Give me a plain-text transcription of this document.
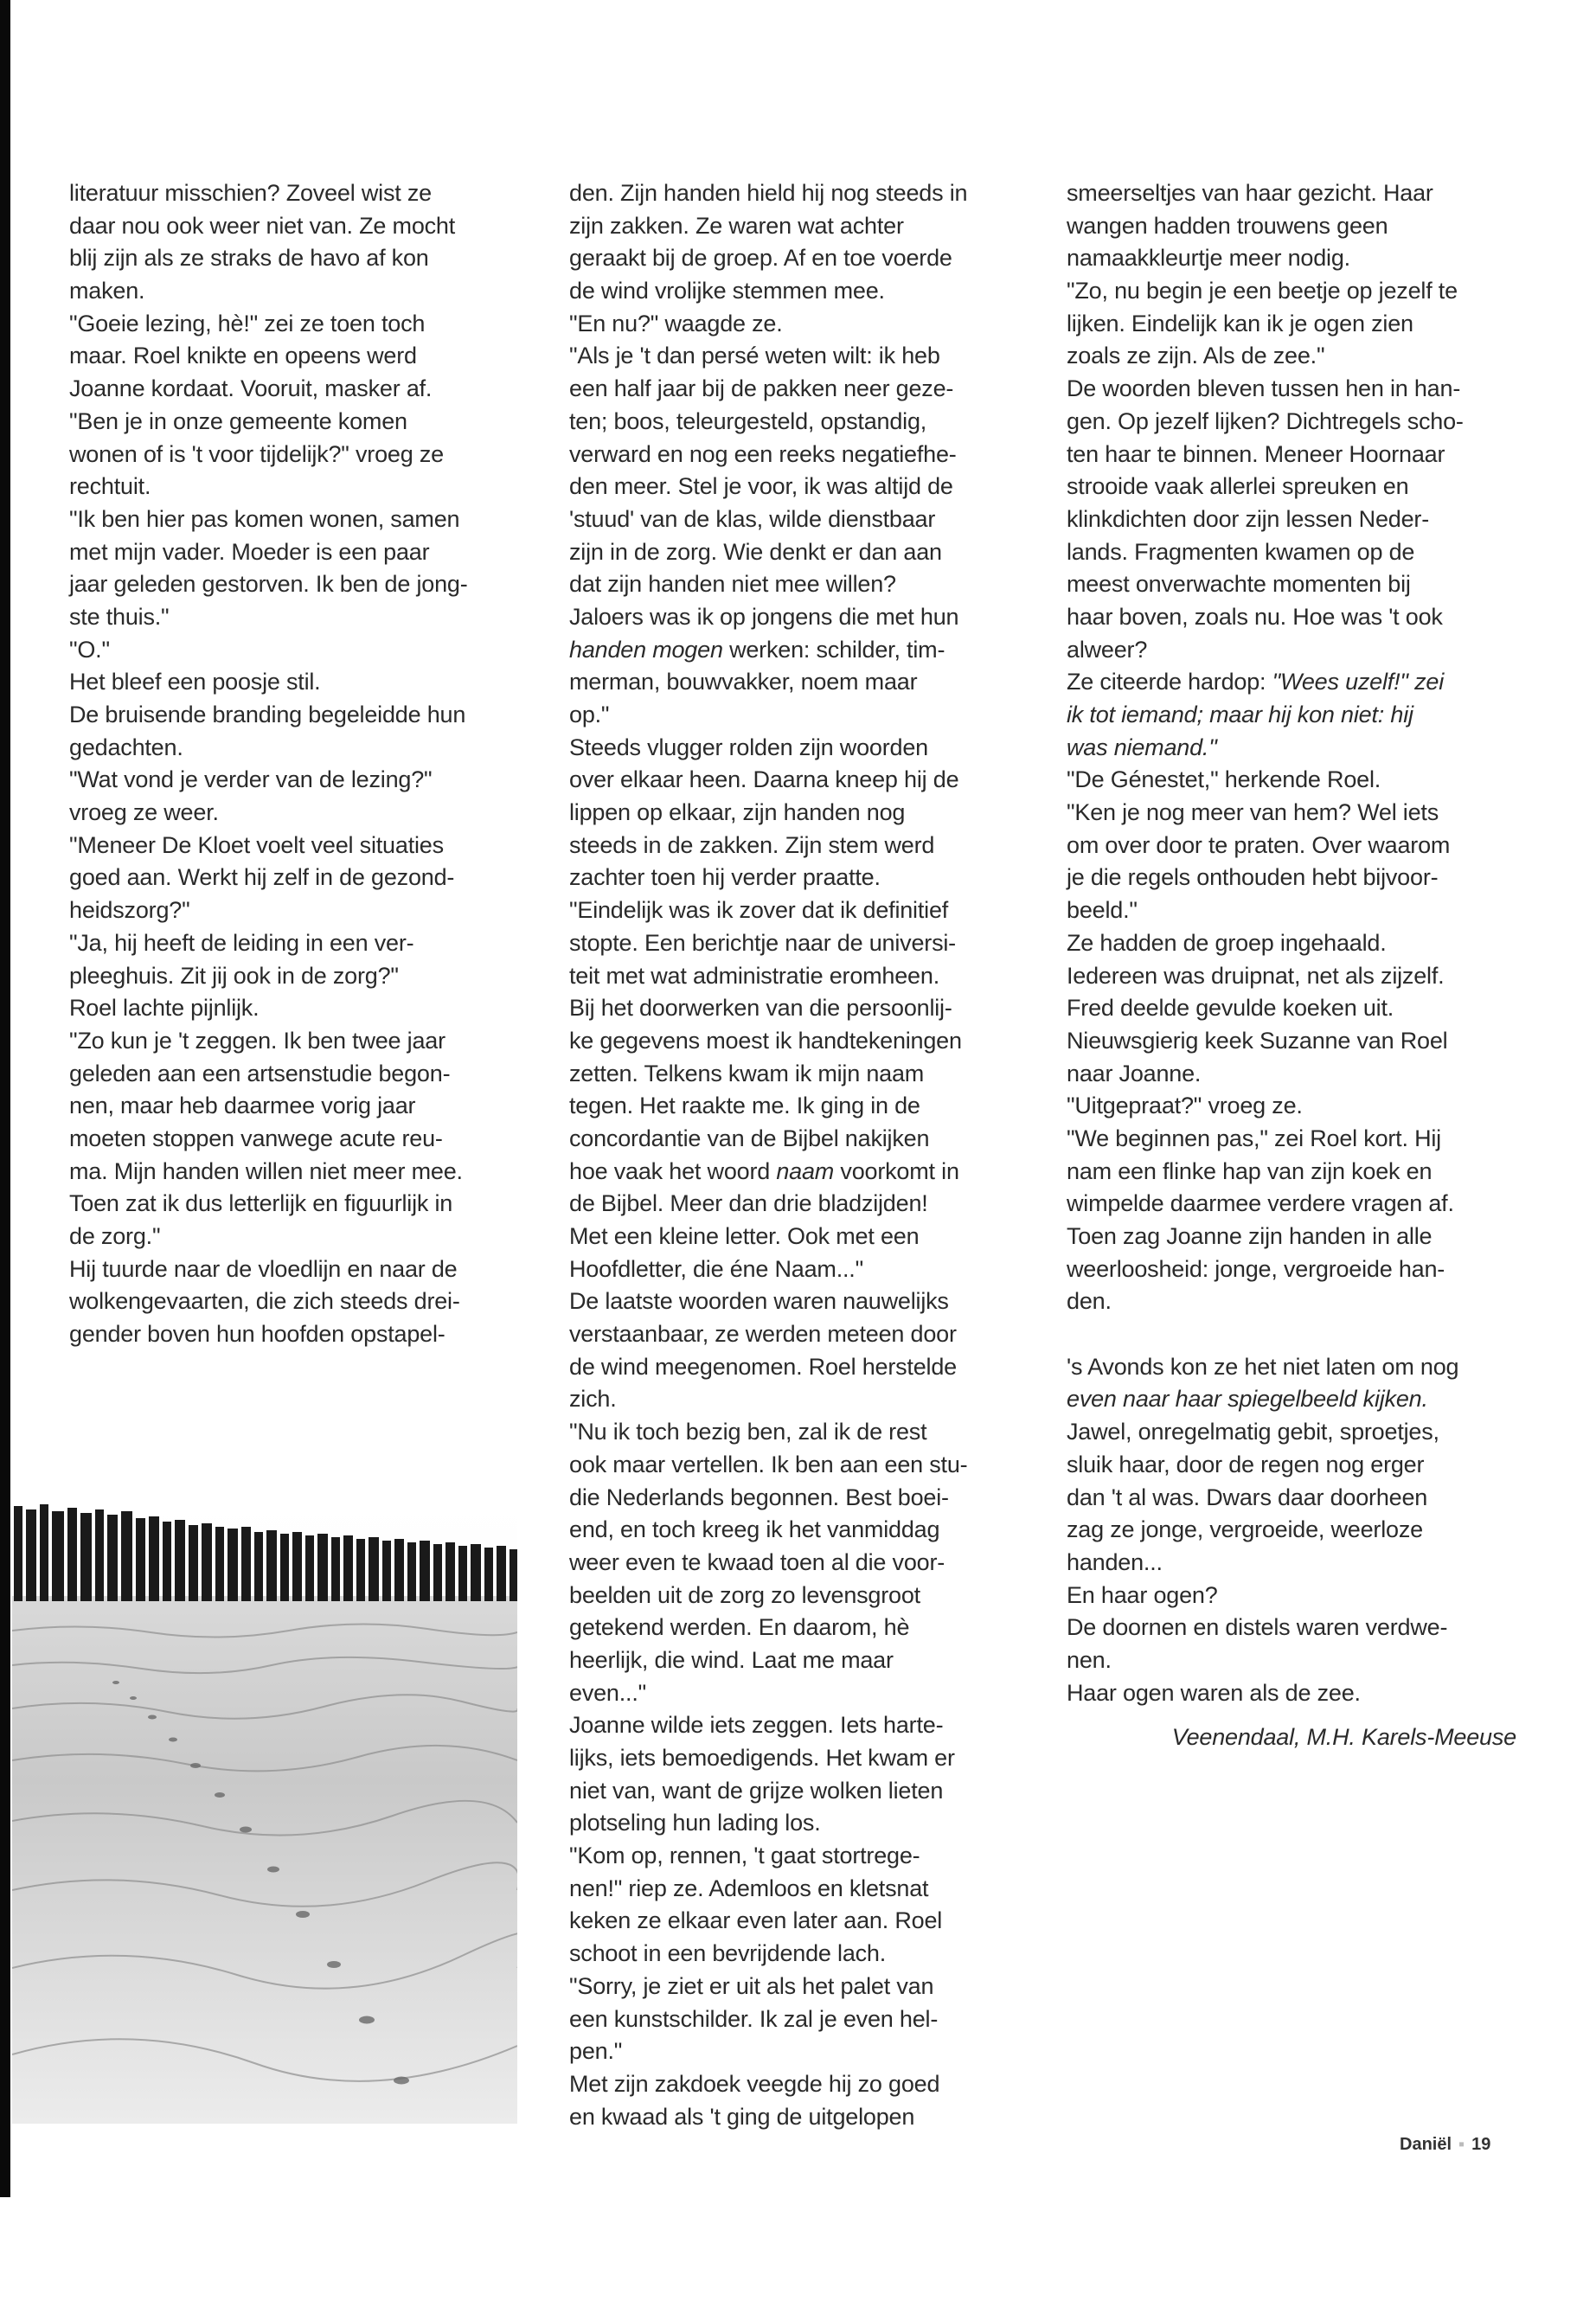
literatuur misschien? Zoveel wist ze
daar nou ook weer niet van. Ze mocht
blij zijn als ze straks de havo af kon
maken.
"Goeie lezing, hè!" zei ze toen toch
maar. Roel knikte en opeens werd
Joanne kordaat. Vooruit, masker af.
"Ben je in onze gemeente komen
wonen of is 't voor tijdelijk?" vroeg ze
rechtuit.
"Ik ben hier pas komen wonen, samen
met mijn vader. Moeder is een paar
jaar geleden gestorven. Ik ben de jong-
ste thuis."
"O."
Het bleef een poosje stil.
De bruisende branding begeleidde hun
gedachten.
"Wat vond je verder van de lezing?"
vroeg ze weer.
"Meneer De Kloet voelt veel situaties
goed aan. Werkt hij zelf in de gezond-
heidszorg?"
"Ja, hij heeft de leiding in een ver-
pleeghuis. Zit jij ook in de zorg?"
Roel lachte pijnlijk.
"Zo kun je 't zeggen. Ik ben twee jaar
geleden aan een artsenstudie begon-
nen, maar heb daarmee vorig jaar
moeten stoppen vanwege acute reu-
ma. Mijn handen willen niet meer mee.
Toen zat ik dus letterlijk en figuurlijk in
de zorg."
Hij tuurde naar de vloedlijn en naar de
wolkengevaarten, die zich steeds drei-
gender boven hun hoofden opstapel-
den. Zijn handen hield hij nog steeds in
zijn zakken. Ze waren wat achter
geraakt bij de groep. Af en toe voerde
de wind vrolijke stemmen mee.
"En nu?" waagde ze.
"Als je 't dan persé weten wilt: ik heb
een half jaar bij de pakken neer geze-
ten; boos, teleurgesteld, opstandig,
verward en nog een reeks negatiefhe-
den meer. Stel je voor, ik was altijd de
'stuud' van de klas, wilde dienstbaar
zijn in de zorg. Wie denkt er dan aan
dat zijn handen niet mee willen?
Jaloers was ik op jongens die met hun
handen mogen werken: schilder, tim-
merman, bouwvakker, noem maar
op."
Steeds vlugger rolden zijn woorden
over elkaar heen. Daarna kneep hij de
lippen op elkaar, zijn handen nog
steeds in de zakken. Zijn stem werd
zachter toen hij verder praatte.
"Eindelijk was ik zover dat ik definitief
stopte. Een berichtje naar de universi-
teit met wat administratie eromheen.
Bij het doorwerken van die persoonlij-
ke gegevens moest ik handtekeningen
zetten. Telkens kwam ik mijn naam
tegen. Het raakte me. Ik ging in de
concordantie van de Bijbel nakijken
hoe vaak het woord naam voorkomt in
de Bijbel. Meer dan drie bladzijden!
Met een kleine letter. Ook met een
Hoofdletter, die éne Naam..."
De laatste woorden waren nauwelijks
verstaanbaar, ze werden meteen door
de wind meegenomen. Roel herstelde
zich.
"Nu ik toch bezig ben, zal ik de rest
ook maar vertellen. Ik ben aan een stu-
die Nederlands begonnen. Best boei-
end, en toch kreeg ik het vanmiddag
weer even te kwaad toen al die voor-
beelden uit de zorg zo levensgroot
getekend werden. En daarom, hè
heerlijk, die wind. Laat me maar
even..."
Joanne wilde iets zeggen. Iets harte-
lijks, iets bemoedigends. Het kwam er
niet van, want de grijze wolken lieten
plotseling hun lading los.
"Kom op, rennen, 't gaat stortrege-
nen!" riep ze. Ademloos en kletsnat
keken ze elkaar even later aan. Roel
schoot in een bevrijdende lach.
"Sorry, je ziet er uit als het palet van
een kunstschilder. Ik zal je even hel-
pen."
Met zijn zakdoek veegde hij zo goed
en kwaad als 't ging de uitgelopen
smeerseltjes van haar gezicht. Haar
wangen hadden trouwens geen
namaakkleurtje meer nodig.
"Zo, nu begin je een beetje op jezelf te
lijken. Eindelijk kan ik je ogen zien
zoals ze zijn. Als de zee."
De woorden bleven tussen hen in han-
gen. Op jezelf lijken? Dichtregels scho-
ten haar te binnen. Meneer Hoornaar
strooide vaak allerlei spreuken en
klinkdichten door zijn lessen Neder-
lands. Fragmenten kwamen op de
meest onverwachte momenten bij
haar boven, zoals nu. Hoe was 't ook
alweer?
Ze citeerde hardop: "Wees uzelf!" zei
ik tot iemand; maar hij kon niet: hij
was niemand."
"De Génestet," herkende Roel.
"Ken je nog meer van hem? Wel iets
om over door te praten. Over waarom
je die regels onthouden hebt bijvoor-
beeld."
Ze hadden de groep ingehaald.
Iedereen was druipnat, net als zijzelf.
Fred deelde gevulde koeken uit.
Nieuwsgierig keek Suzanne van Roel
naar Joanne.
"Uitgepraat?" vroeg ze.
"We beginnen pas," zei Roel kort. Hij
nam een flinke hap van zijn koek en
wimpelde daarmee verdere vragen af.
Toen zag Joanne zijn handen in alle
weerloosheid: jonge, vergroeide han-
den.
's Avonds kon ze het niet laten om nog
even naar haar spiegelbeeld kijken.
Jawel, onregelmatig gebit, sproetjes,
sluik haar, door de regen nog erger
dan 't al was. Dwars daar doorheen
zag ze jonge, vergroeide, weerloze
handen...
En haar ogen?
De doornen en distels waren verdwe-
nen.
Haar ogen waren als de zee.
Veenendaal, M.H. Karels-Meeuse
Daniël ▪ 19
